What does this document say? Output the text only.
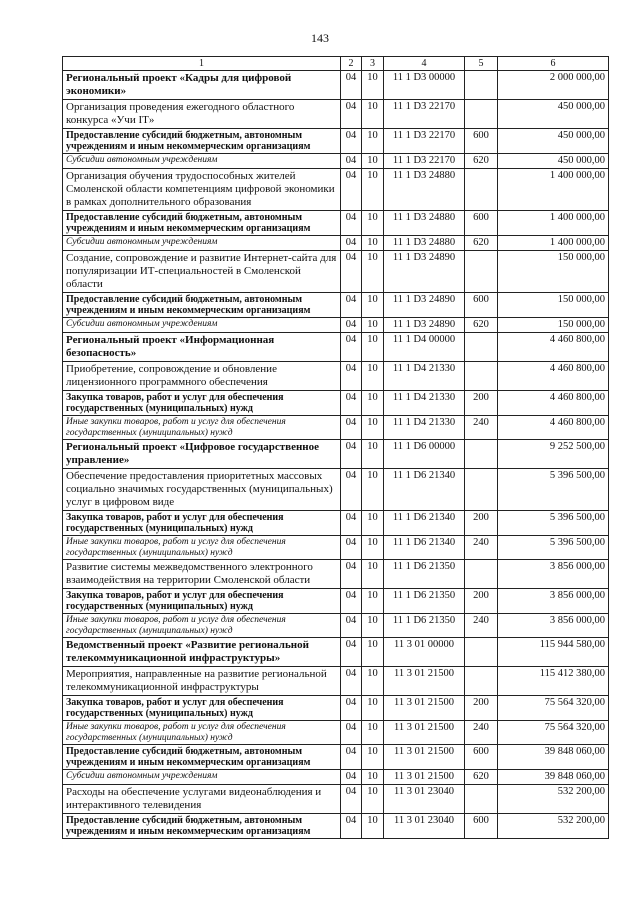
143
1	2	3	4	5	6
Региональный проект «Кадры для цифровой экономики»	04	10	11 1 D3 00000		2 000 000,00
Организация проведения ежегодного областного конкурса «Учи IT»	04	10	11 1 D3 22170		450 000,00
Предоставление субсидий бюджетным, автономным учреждениям и иным некоммерческим организациям	04	10	11 1 D3 22170	600	450 000,00
Субсидии автономным учреждениям	04	10	11 1 D3 22170	620	450 000,00
Организация обучения трудоспособных жителей Смоленской области компетенциям цифровой экономики в рамках дополнительного образования	04	10	11 1 D3 24880		1 400 000,00
Предоставление субсидий бюджетным, автономным учреждениям и иным некоммерческим организациям	04	10	11 1 D3 24880	600	1 400 000,00
Субсидии автономным учреждениям	04	10	11 1 D3 24880	620	1 400 000,00
Создание, сопровождение и развитие Интернет-сайта для популяризации ИТ-специальностей в Смоленской области	04	10	11 1 D3 24890		150 000,00
Предоставление субсидий бюджетным, автономным учреждениям и иным некоммерческим организациям	04	10	11 1 D3 24890	600	150 000,00
Субсидии автономным учреждениям	04	10	11 1 D3 24890	620	150 000,00
Региональный проект «Информационная безопасность»	04	10	11 1 D4 00000		4 460 800,00
Приобретение, сопровождение и обновление лицензионного программного обеспечения	04	10	11 1 D4 21330		4 460 800,00
Закупка товаров, работ и услуг для обеспечения государственных (муниципальных) нужд	04	10	11 1 D4 21330	200	4 460 800,00
Иные закупки товаров, работ и услуг для обеспечения государственных (муниципальных) нужд	04	10	11 1 D4 21330	240	4 460 800,00
Региональный проект «Цифровое государственное управление»	04	10	11 1 D6 00000		9 252 500,00
Обеспечение предоставления приоритетных массовых социально значимых государственных (муниципальных) услуг в цифровом виде	04	10	11 1 D6 21340		5 396 500,00
Закупка товаров, работ и услуг для обеспечения государственных (муниципальных) нужд	04	10	11 1 D6 21340	200	5 396 500,00
Иные закупки товаров, работ и услуг для обеспечения государственных (муниципальных) нужд	04	10	11 1 D6 21340	240	5 396 500,00
Развитие системы межведомственного электронного взаимодействия на территории Смоленской области	04	10	11 1 D6 21350		3 856 000,00
Закупка товаров, работ и услуг для обеспечения государственных (муниципальных) нужд	04	10	11 1 D6 21350	200	3 856 000,00
Иные закупки товаров, работ и услуг для обеспечения государственных (муниципальных) нужд	04	10	11 1 D6 21350	240	3 856 000,00
Ведомственный проект «Развитие региональной телекоммуникационной инфраструктуры»	04	10	11 3 01 00000		115 944 580,00
Мероприятия, направленные на развитие региональной телекоммуникационной инфраструктуры	04	10	11 3 01 21500		115 412 380,00
Закупка товаров, работ и услуг для обеспечения государственных (муниципальных) нужд	04	10	11 3 01 21500	200	75 564 320,00
Иные закупки товаров, работ и услуг для обеспечения государственных (муниципальных) нужд	04	10	11 3 01 21500	240	75 564 320,00
Предоставление субсидий бюджетным, автономным учреждениям и иным некоммерческим организациям	04	10	11 3 01 21500	600	39 848 060,00
Субсидии автономным учреждениям	04	10	11 3 01 21500	620	39 848 060,00
Расходы на обеспечение услугами видеонаблюдения и интерактивного телевидения	04	10	11 3 01 23040		532 200,00
Предоставление субсидий бюджетным, автономным учреждениям и иным некоммерческим организациям	04	10	11 3 01 23040	600	532 200,00
